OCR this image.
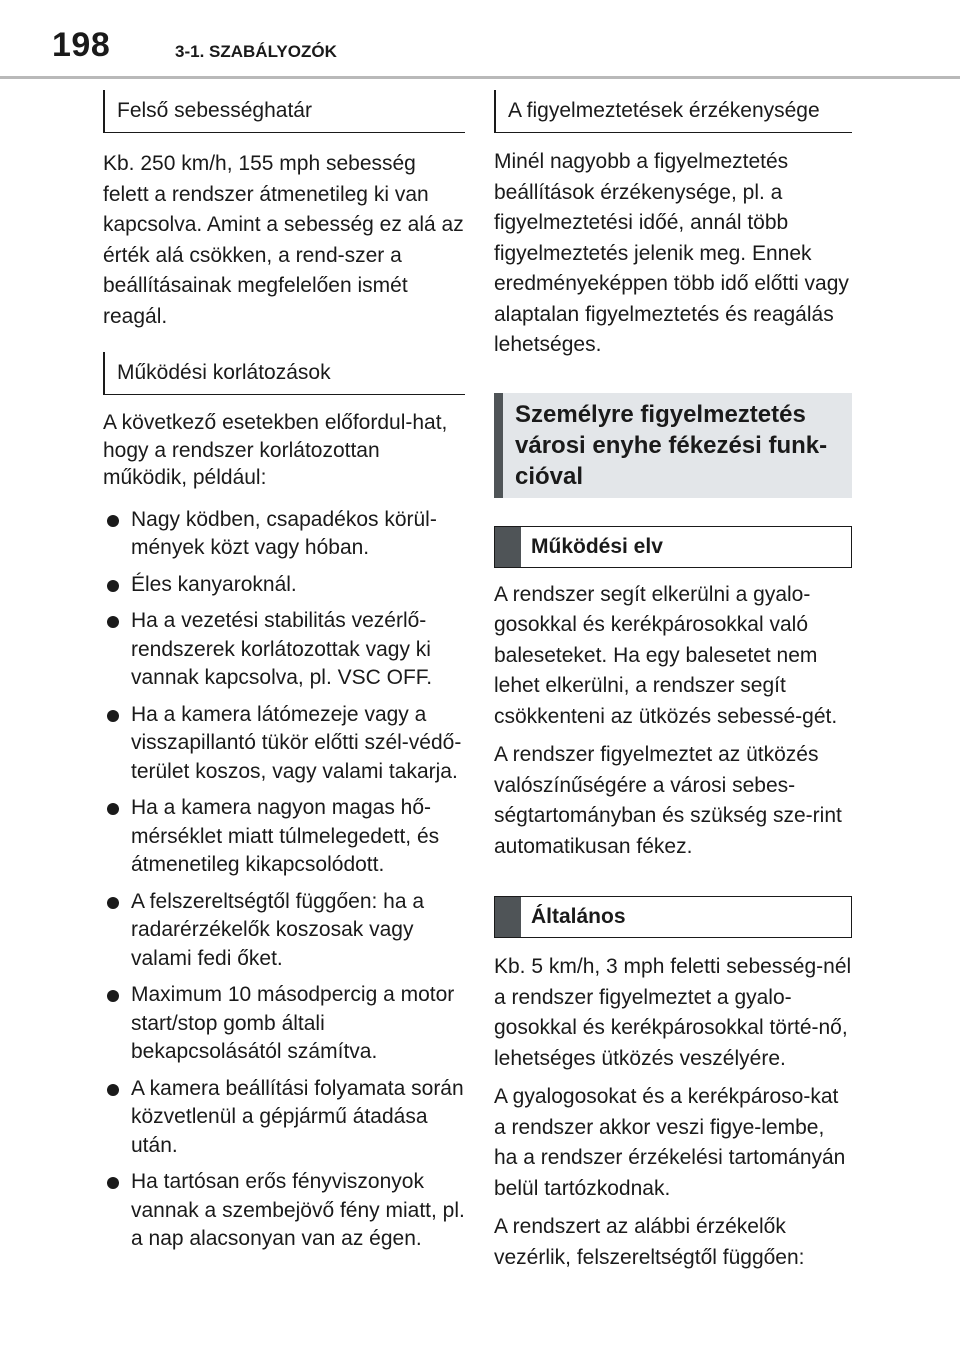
198	3-1. SZABÁLYOZÓK
Felső sebességhatár

Kb. 250 km/h, 155 mph sebesség felett a rendszer átmenetileg ki van kapcsolva. Amint a sebesség ez alá az érték alá csökken, a rend-szer a beállításainak megfelelően ismét reagál.

Működési korlátozások

A következő esetekben előfordul-hat, hogy a rendszer korlátozottan működik, például:

Nagy ködben, csapadékos körül-mények közt vagy hóban.
Éles kanyaroknál.
Ha a vezetési stabilitás vezérlő-rendszerek korlátozottak vagy ki vannak kapcsolva, pl. VSC OFF.
Ha a kamera látómezeje vagy a visszapillantó tükör előtti szél-védő-terület koszos, vagy valami takarja.
Ha a kamera nagyon magas hő-mérséklet miatt túlmelegedett, és átmenetileg kikapcsolódott.
A felszereltségtől függően: ha a radarérzékelők koszosak vagy valami fedi őket.
Maximum 10 másodpercig a motor start/stop gomb általi bekapcsolásától számítva.
A kamera beállítási folyamata során közvetlenül a gépjármű átadása után.
Ha tartósan erős fényviszonyok vannak a szembejövő fény miatt, pl. a nap alacsonyan van az égen.
A figyelmeztetések érzékenysége

Minél nagyobb a figyelmeztetés beállítások érzékenysége, pl. a figyelmeztetési időé, annál több figyelmeztetés jelenik meg. Ennek eredményeképpen több idő előtti vagy alaptalan figyelmeztetés és reagálás lehetséges.

Személyre figyelmeztetés városi enyhe fékezési funk-cióval
Működési elv

A rendszer segít elkerülni a gyalo-gosokkal és kerékpárosokkal való baleseteket. Ha egy balesetet nem lehet elkerülni, a rendszer segít csökkenteni az ütközés sebessé-gét.

A rendszer figyelmeztet az ütközés valószínűségére a városi sebes-ségtartományban és szükség sze-rint automatikusan fékez.

Általános

Kb. 5 km/h, 3 mph feletti sebesség-nél a rendszer figyelmeztet a gyalo-gosokkal és kerékpárosokkal törté-nő, lehetséges ütközés veszélyére.

A gyalogosokat és a kerékpároso-kat a rendszer akkor veszi figye-lembe, ha a rendszer érzékelési tartományán belül tartózkodnak.

A rendszert az alábbi érzékelők vezérlik, felszereltségtől függően:
